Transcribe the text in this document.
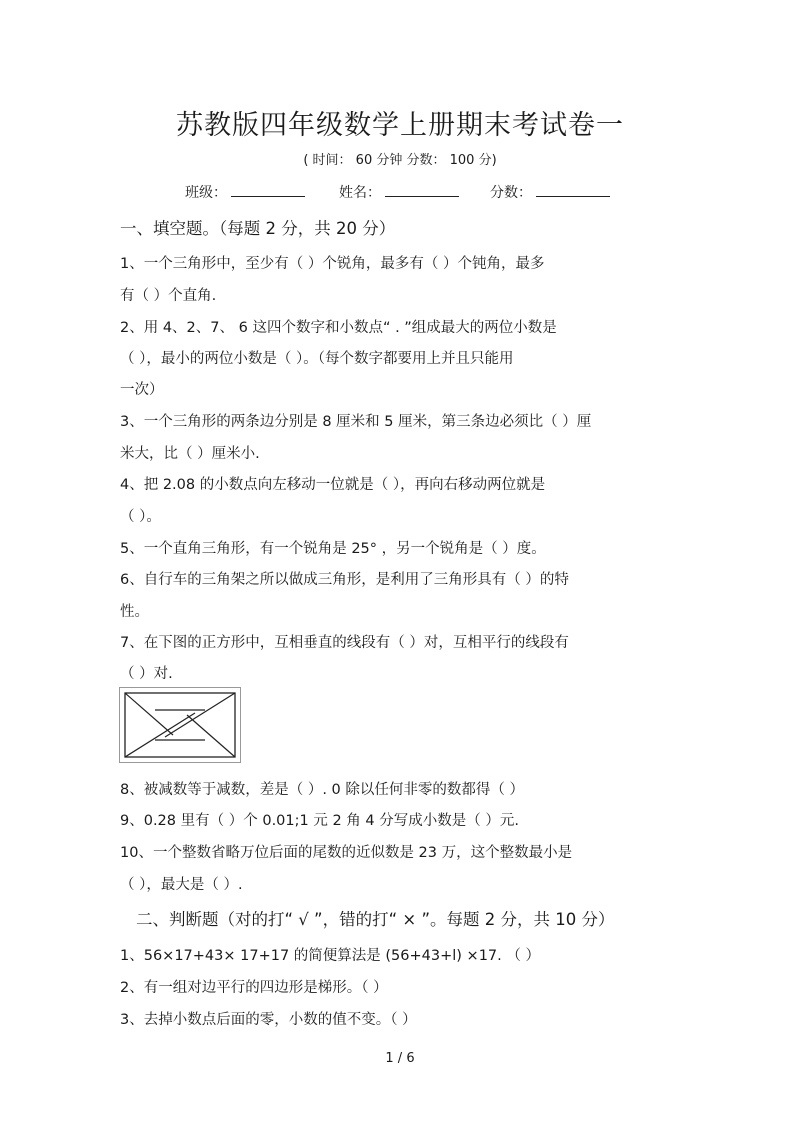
苏教版四年级数学上册期末考试卷一
( 时间： 60 分钟 分数： 100 分)
班级：	姓名：	分数：
一、填空题。（每题 2 分，共 20 分）
1、一个三角形中，至少有（ ）个锐角，最多有（ ）个钝角，最多
有（ ）个直角.
2、用 4、2、7、 6 这四个数字和小数点“ . ”组成最大的两位小数是
（ ），最小的两位小数是（ ）。（每个数字都要用上并且只能用
一次）
3、一个三角形的两条边分别是 8 厘米和 5 厘米，第三条边必须比（ ）厘
米大，比（ ）厘米小.
4、把 2.08 的小数点向左移动一位就是（ ），再向右移动两位就是
（ ）。
5、一个直角三角形，有一个锐角是 25° ，另一个锐角是（ ）度。
6、自行车的三角架之所以做成三角形，是利用了三角形具有（ ）的特
性。
7、在下图的正方形中，互相垂直的线段有（ ）对，互相平行的线段有
（ ）对.
8、被减数等于减数，差是（ ）. 0 除以任何非零的数都得（ ）
9、0.28 里有（ ）个 0.01;1 元 2 角 4 分写成小数是（ ）元.
10、一个整数省略万位后面的尾数的近似数是 23 万，这个整数最小是
（ ），最大是（ ）.
二、判断题（对的打“ √ ”，错的打“ × ”。每题 2 分，共 10 分）
1、56×17+43× 17+17 的简便算法是 (56+43+l) ×17. （ ）
2、有一组对边平行的四边形是梯形。（ ）
3、去掉小数点后面的零，小数的值不变。（ ）
1 / 6
